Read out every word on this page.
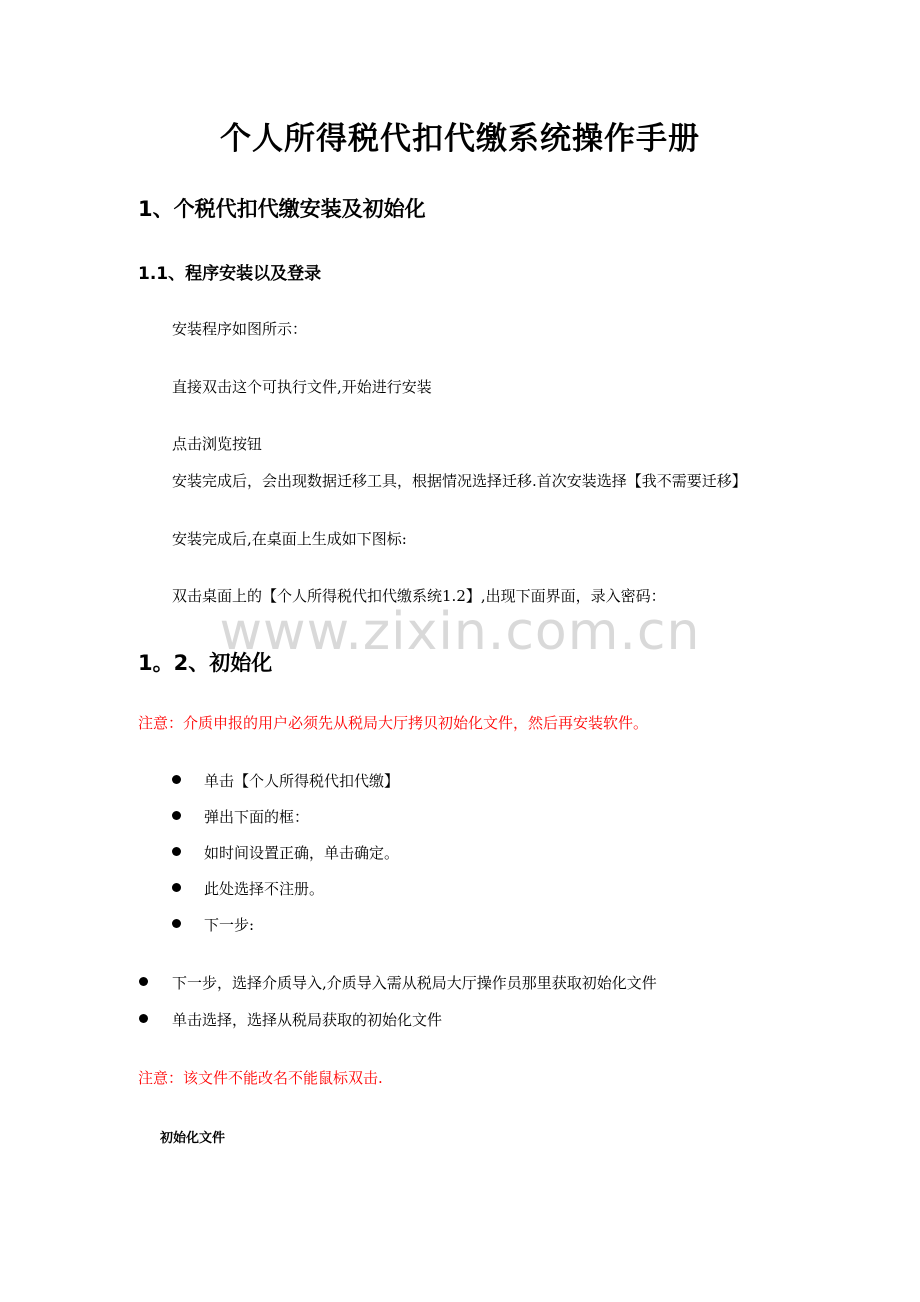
个人所得税代扣代缴系统操作手册
1、个税代扣代缴安装及初始化
1.1、程序安装以及登录
安装程序如图所示：
直接双击这个可执行文件,开始进行安装
点击浏览按钮
安装完成后，会出现数据迁移工具，根据情况选择迁移.首次安装选择【我不需要迁移】
安装完成后,在桌面上生成如下图标:
双击桌面上的【个人所得税代扣代缴系统1.2】,出现下面界面，录入密码：
www.zixin.com.cn
1。2、初始化
注意：介质申报的用户必须先从税局大厅拷贝初始化文件，然后再安装软件。
单击【个人所得税代扣代缴】
弹出下面的框：
如时间设置正确，单击确定。
此处选择不注册。
下一步:
下一步，选择介质导入,介质导入需从税局大厅操作员那里获取初始化文件
单击选择，选择从税局获取的初始化文件
注意：该文件不能改名不能鼠标双击.
初始化文件
